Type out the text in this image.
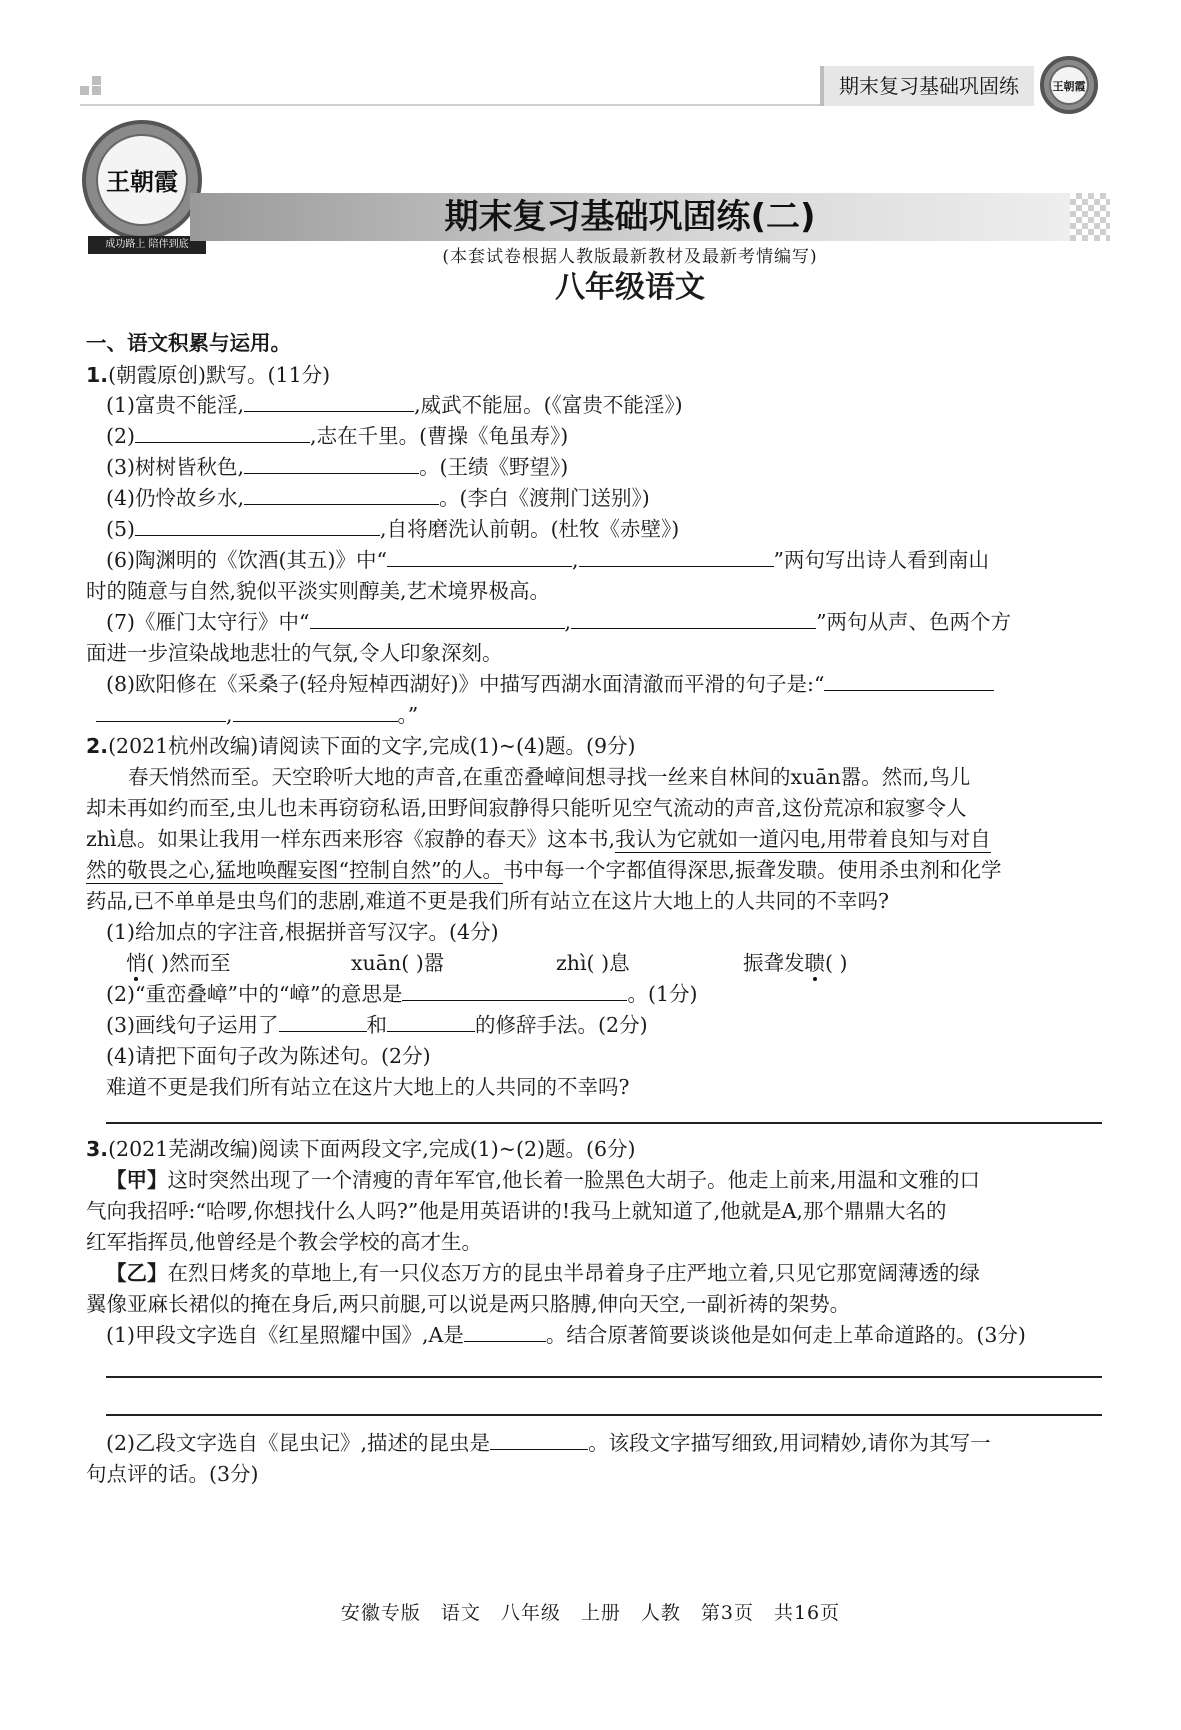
期末复习基础巩固练	王朝霞
王朝霞
成功路上 陪伴到底
期末复习基础巩固练(二)
(本套试卷根据人教版最新教材及最新考情编写)
八年级语文
一、语文积累与运用。
1.(朝霞原创)默写。(11分)
(1)富贵不能淫,	,威武不能屈。(《富贵不能淫》)
(2)	,志在千里。(曹操《龟虽寿》)
(3)树树皆秋色,	。(王绩《野望》)
(4)仍怜故乡水,	。(李白《渡荆门送别》)
(5)	,自将磨洗认前朝。(杜牧《赤壁》)
(6)陶渊明的《饮酒(其五)》中“	,	”两句写出诗人看到南山
时的随意与自然,貌似平淡实则醇美,艺术境界极高。
(7)《雁门太守行》中“	,	”两句从声、色两个方
面进一步渲染战地悲壮的气氛,令人印象深刻。
(8)欧阳修在《采桑子(轻舟短棹西湖好)》中描写西湖水面清澈而平滑的句子是:“
,	。”
2.(2021杭州改编)请阅读下面的文字,完成(1)~(4)题。(9分)
春天悄然而至。天空聆听大地的声音,在重峦叠嶂间想寻找一丝来自林间的xuān嚣。然而,鸟儿
却未再如约而至,虫儿也未再窃窃私语,田野间寂静得只能听见空气流动的声音,这份荒凉和寂寥令人
zhì息。如果让我用一样东西来形容《寂静的春天》这本书,我认为它就如一道闪电,用带着良知与对自
然的敬畏之心,猛地唤醒妄图“控制自然”的人。书中每一个字都值得深思,振聋发聩。使用杀虫剂和化学
药品,已不单单是虫鸟们的悲剧,难道不更是我们所有站立在这片大地上的人共同的不幸吗?
(1)给加点的字注音,根据拼音写汉字。(4分)
悄( )然而至	xuān( )嚣	zhì( )息	振聋发聩( )
(2)“重峦叠嶂”中的“嶂”的意思是	。(1分)
(3)画线句子运用了	和	的修辞手法。(2分)
(4)请把下面句子改为陈述句。(2分)
难道不更是我们所有站立在这片大地上的人共同的不幸吗?
3.(2021芜湖改编)阅读下面两段文字,完成(1)~(2)题。(6分)
【甲】这时突然出现了一个清瘦的青年军官,他长着一脸黑色大胡子。他走上前来,用温和文雅的口
气向我招呼:“哈啰,你想找什么人吗?”他是用英语讲的!我马上就知道了,他就是A,那个鼎鼎大名的
红军指挥员,他曾经是个教会学校的高才生。
【乙】在烈日烤炙的草地上,有一只仪态万方的昆虫半昂着身子庄严地立着,只见它那宽阔薄透的绿
翼像亚麻长裙似的掩在身后,两只前腿,可以说是两只胳膊,伸向天空,一副祈祷的架势。
(1)甲段文字选自《红星照耀中国》,A是	。结合原著简要谈谈他是如何走上革命道路的。(3分)
(2)乙段文字选自《昆虫记》,描述的昆虫是	。该段文字描写细致,用词精妙,请你为其写一
句点评的话。(3分)
安徽专版　语文　八年级　上册　人教　第3页　共16页
